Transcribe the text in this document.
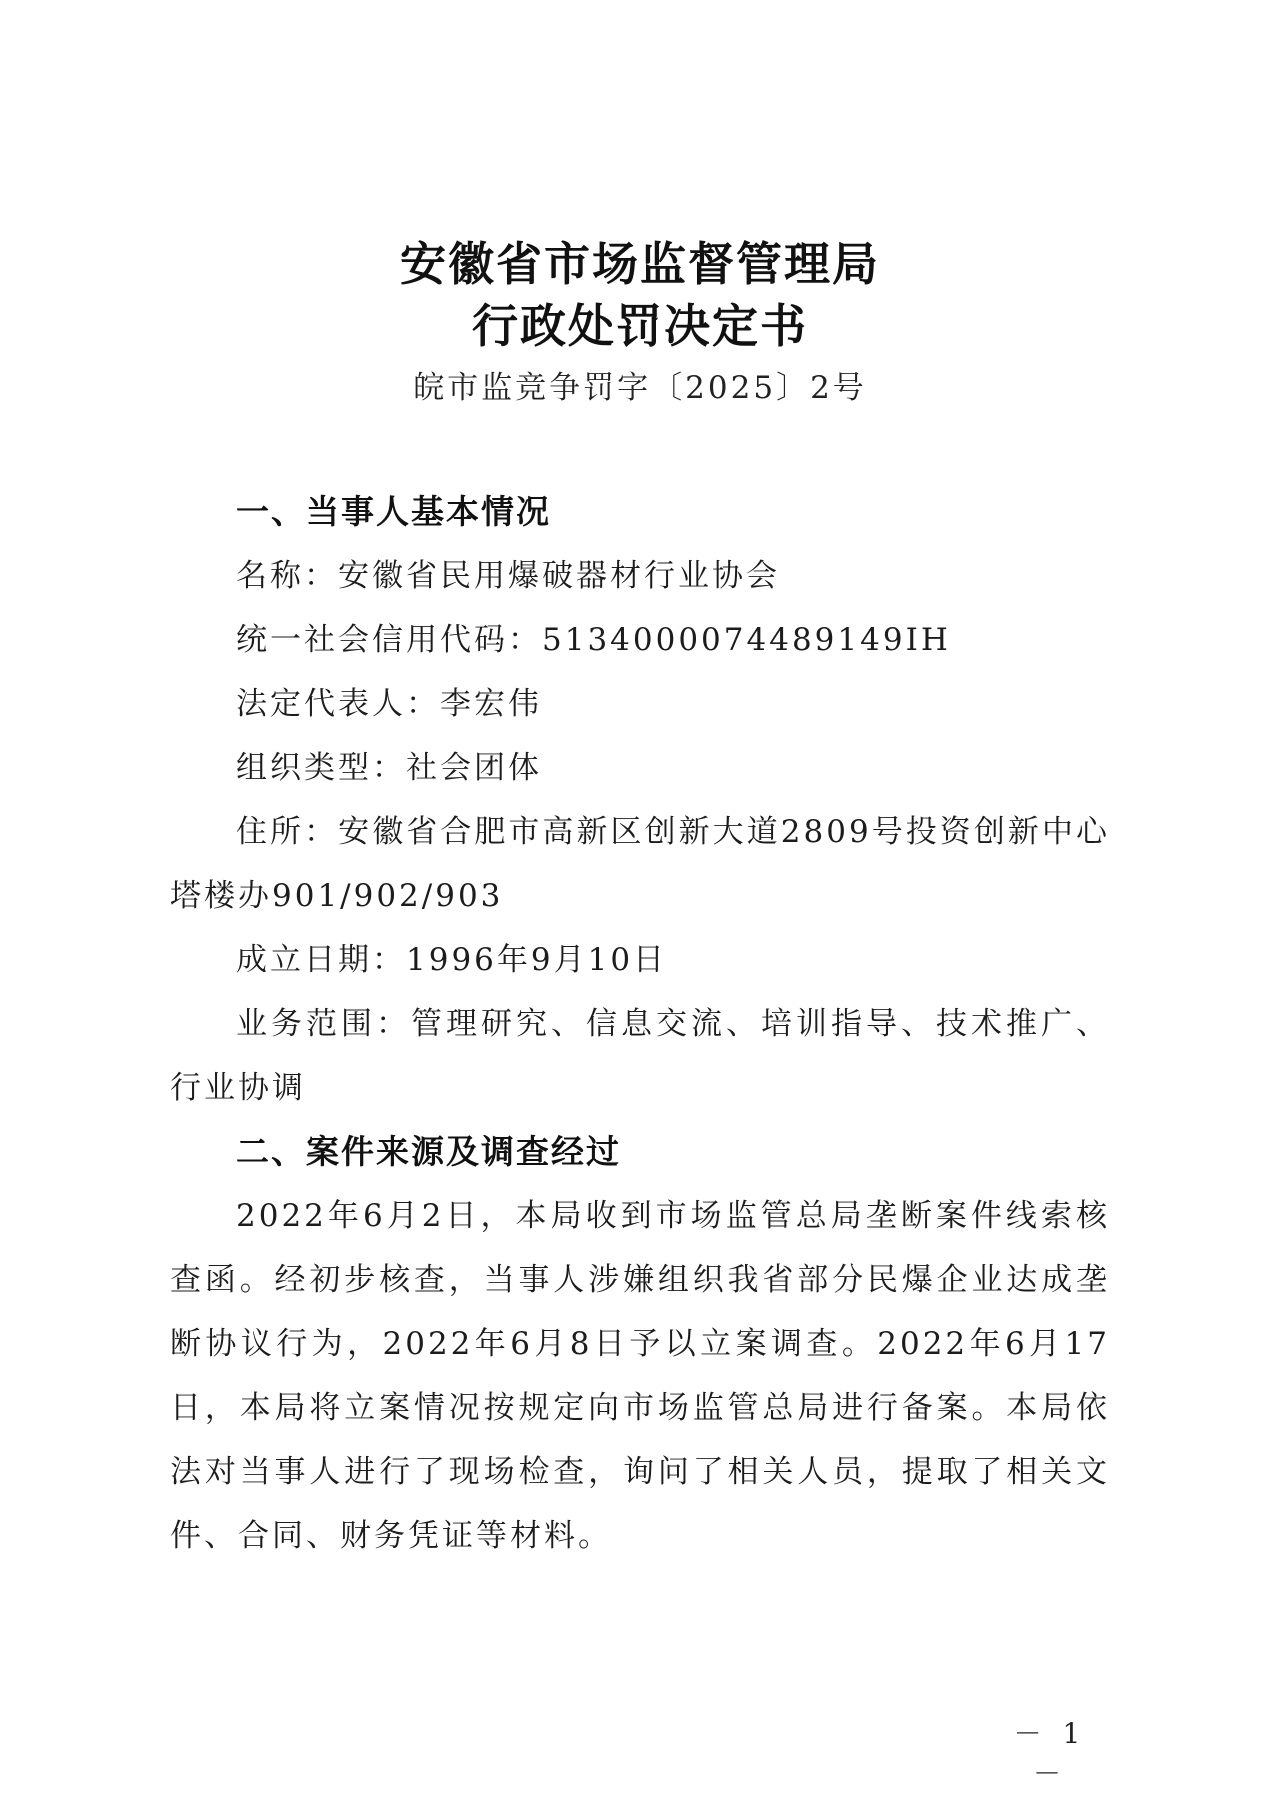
安徽省市场监督管理局
行政处罚决定书
皖市监竞争罚字〔2025〕2号
一、当事人基本情况
名称：安徽省民用爆破器材行业协会
统一社会信用代码：5134000074489149IH
法定代表人：李宏伟
组织类型：社会团体
住所：安徽省合肥市高新区创新大道2809号投资创新中心塔楼办901/902/903
成立日期：1996年9月10日
业务范围：管理研究、信息交流、培训指导、技术推广、行业协调
二、案件来源及调查经过
2022年6月2日，本局收到市场监管总局垄断案件线索核查函。经初步核查，当事人涉嫌组织我省部分民爆企业达成垄断协议行为，2022年6月8日予以立案调查。2022年6月17日，本局将立案情况按规定向市场监管总局进行备案。本局依法对当事人进行了现场检查，询问了相关人员，提取了相关文件、合同、财务凭证等材料。
－ 1 －
